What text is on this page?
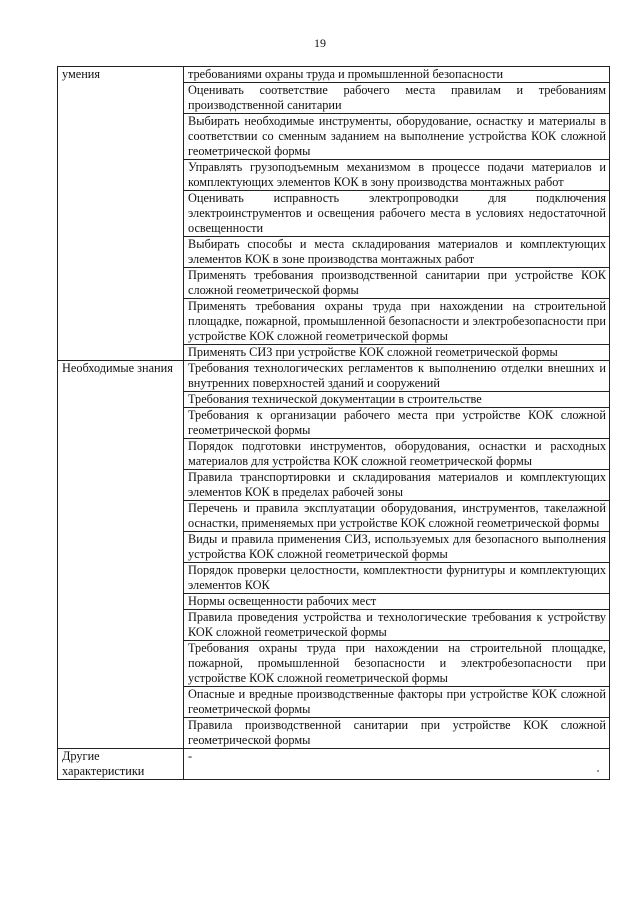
19
умения	требованиями охраны труда и промышленной безопасности
	Оценивать соответствие рабочего места правилам и требованиям производственной санитарии
	Выбирать необходимые инструменты, оборудование, оснастку и материалы в соответствии со сменным заданием на выполнение устройства КОК сложной геометрической формы
	Управлять грузоподъемным механизмом в процессе подачи материалов и комплектующих элементов КОК в зону производства монтажных работ
	Оценивать исправность электропроводки для подключения электроинструментов и освещения рабочего места в условиях недостаточной освещенности
	Выбирать способы и места складирования материалов и комплектующих элементов КОК в зоне производства монтажных работ
	Применять требования производственной санитарии при устройстве КОК сложной геометрической формы
	Применять требования охраны труда при нахождении на строительной площадке, пожарной, промышленной безопасности и электробезопасности при устройстве КОК сложной геометрической формы
	Применять СИЗ при устройстве КОК сложной геометрической формы
Необходимые знания	Требования технологических регламентов к выполнению отделки внешних и внутренних поверхностей зданий и сооружений
	Требования технической документации в строительстве
	Требования к организации рабочего места при устройстве КОК сложной геометрической формы
	Порядок подготовки инструментов, оборудования, оснастки и расходных материалов для устройства КОК сложной геометрической формы
	Правила транспортировки и складирования материалов и комплектующих элементов КОК в пределах рабочей зоны
	Перечень и правила эксплуатации оборудования, инструментов, такелажной оснастки, применяемых при устройстве КОК сложной геометрической формы
	Виды и правила применения СИЗ, используемых для безопасного выполнения устройства КОК сложной геометрической формы
	Порядок проверки целостности, комплектности фурнитуры и комплектующих элементов КОК
	Нормы освещенности рабочих мест
	Правила проведения устройства и технологические требования к устройству КОК сложной геометрической формы
	Требования охраны труда при нахождении на строительной площадке, пожарной, промышленной безопасности и электробезопасности при устройстве КОК сложной геометрической формы
	Опасные и вредные производственные факторы при устройстве КОК сложной геометрической формы
	Правила производственной санитарии при устройстве КОК сложной геометрической формы
Другие характеристики	-
